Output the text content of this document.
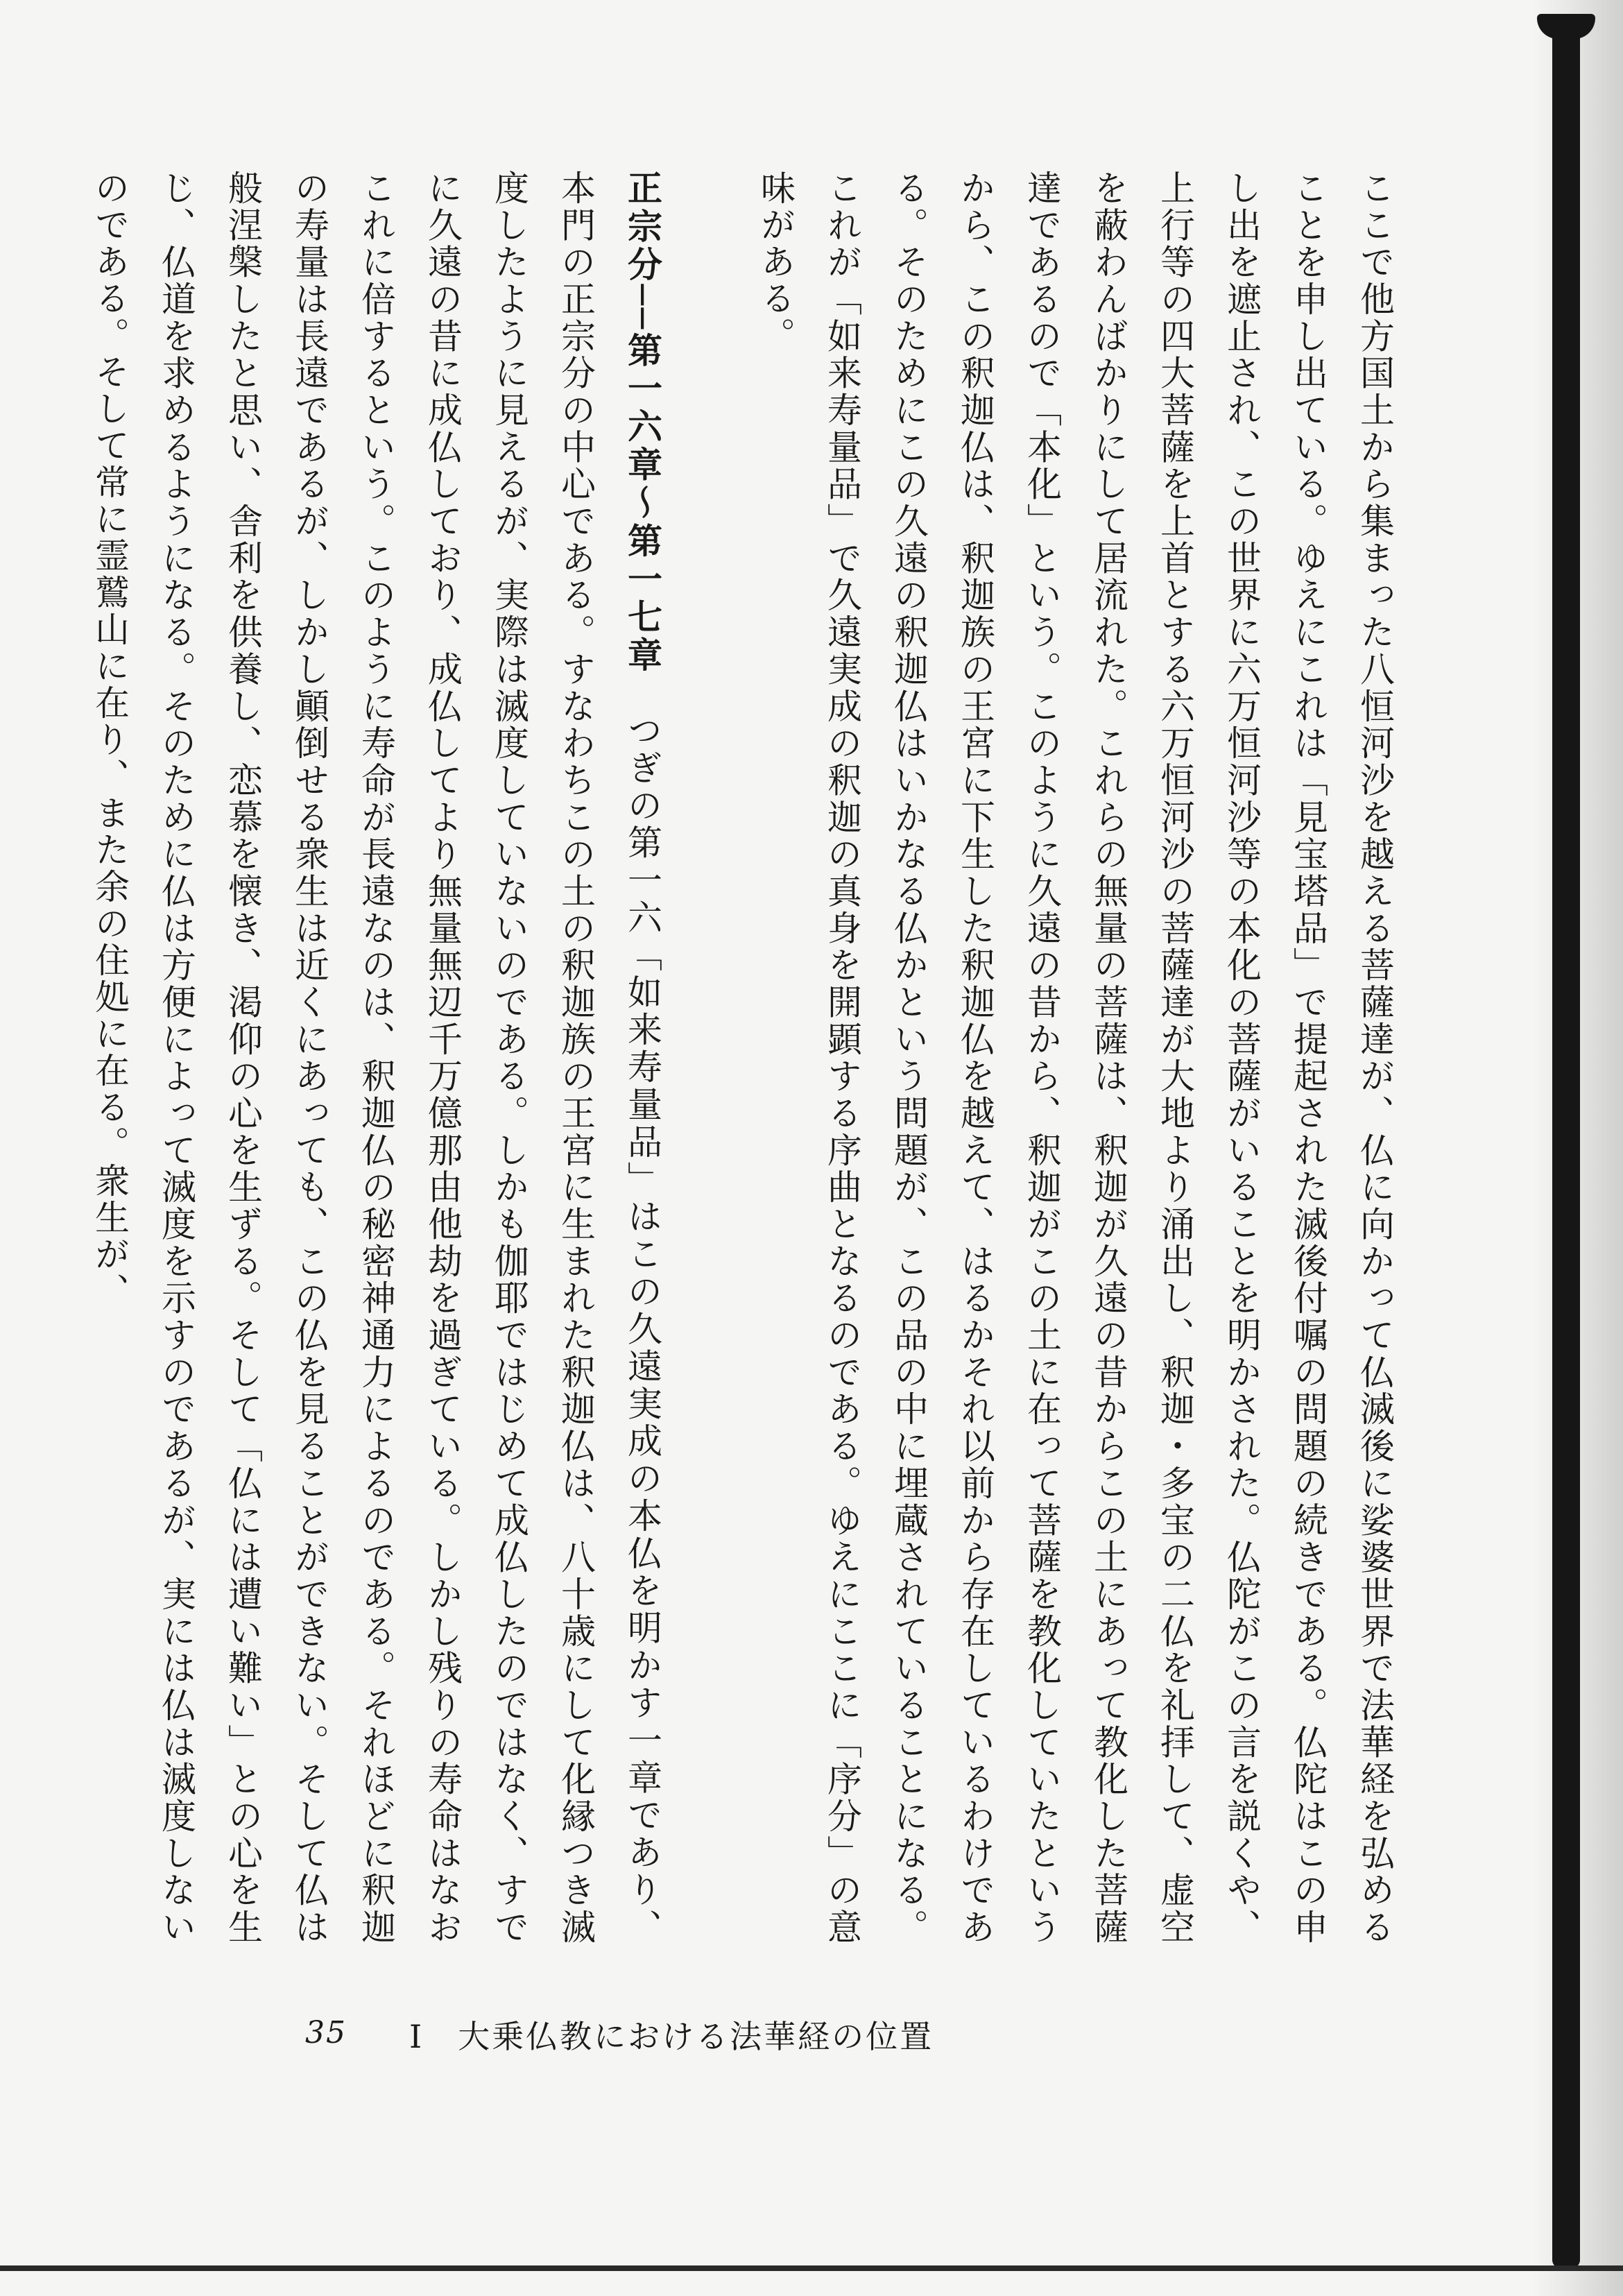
ここで他方国土から集まった八恒河沙を越える菩薩達が、仏に向かって仏滅後に娑婆世界で法華経を弘めることを申し出ている。ゆえにこれは「見宝塔品」で提起された滅後付嘱の問題の続きである。仏陀はこの申し出を遮止され、この世界に六万恒河沙等の本化の菩薩がいることを明かされた。仏陀がこの言を説くや、上行等の四大菩薩を上首とする六万恒河沙の菩薩達が大地より涌出し、釈迦・多宝の二仏を礼拝して、虚空を蔽わんばかりにして居流れた。これらの無量の菩薩は、釈迦が久遠の昔からこの土にあって教化した菩薩達であるので「本化」という。このように久遠の昔から、釈迦がこの土に在って菩薩を教化していたというから、この釈迦仏は、釈迦族の王宮に下生した釈迦仏を越えて、はるかそれ以前から存在しているわけである。そのためにこの久遠の釈迦仏はいかなる仏かという問題が、この品の中に埋蔵されていることになる。これが「如来寿量品」で久遠実成の釈迦の真身を開顕する序曲となるのである。ゆえにここに「序分」の意味がある。

正宗分──第一六章〜第一七章　つぎの第一六「如来寿量品」はこの久遠実成の本仏を明かす一章であり、本門の正宗分の中心である。すなわちこの土の釈迦族の王宮に生まれた釈迦仏は、八十歳にして化縁つき滅度したように見えるが、実際は滅度していないのである。しかも伽耶ではじめて成仏したのではなく、すでに久遠の昔に成仏しており、成仏してより無量無辺千万億那由他劫を過ぎている。しかし残りの寿命はなおこれに倍するという。このように寿命が長遠なのは、釈迦仏の秘密神通力によるのである。それほどに釈迦の寿量は長遠であるが、しかし顚倒せる衆生は近くにあっても、この仏を見ることができない。そして仏は般涅槃したと思い、舎利を供養し、恋慕を懐き、渇仰の心を生ずる。そして「仏には遭い難い」との心を生じ、仏道を求めるようになる。そのために仏は方便によって滅度を示すのであるが、実には仏は滅度しないのである。そして常に霊鷲山に在り、また余の住処に在る。衆生が、

35 I　大乗仏教における法華経の位置
